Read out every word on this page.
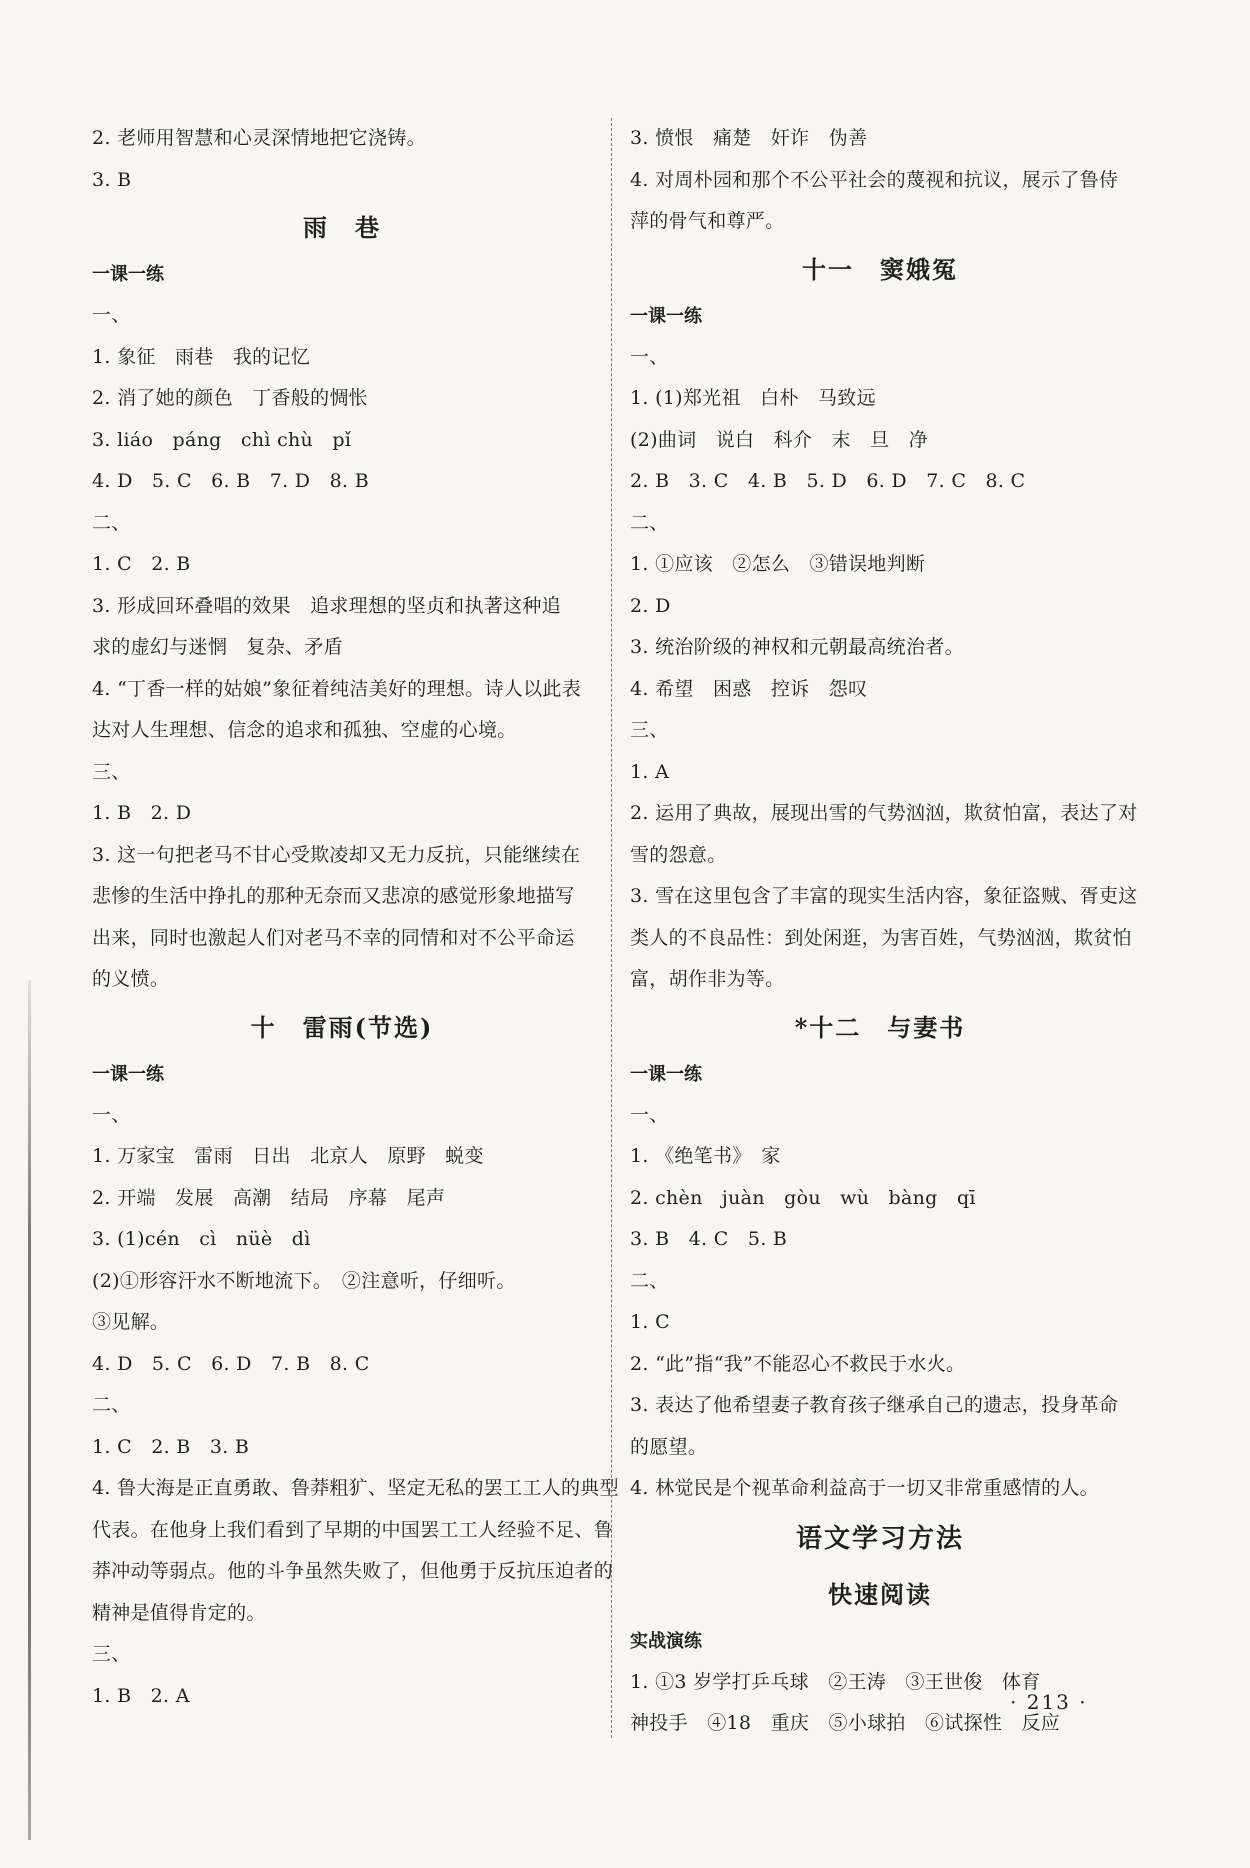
2. 老师用智慧和心灵深情地把它浇铸。
3. B
雨　巷
一课一练
一、
1. 象征　雨巷　我的记忆
2. 消了她的颜色　丁香般的惆怅
3. liáo　páng　chì chù　pǐ
4. D　5. C　6. B　7. D　8. B
二、
1. C　2. B
3. 形成回环叠唱的效果　追求理想的坚贞和执著这种追
求的虚幻与迷惘　复杂、矛盾
4. “丁香一样的姑娘”象征着纯洁美好的理想。诗人以此表
达对人生理想、信念的追求和孤独、空虚的心境。
三、
1. B　2. D
3. 这一句把老马不甘心受欺凌却又无力反抗，只能继续在
悲惨的生活中挣扎的那种无奈而又悲凉的感觉形象地描写
出来，同时也激起人们对老马不幸的同情和对不公平命运
的义愤。
十　雷雨(节选)
一课一练
一、
1. 万家宝　雷雨　日出　北京人　原野　蜕变
2. 开端　发展　高潮　结局　序幕　尾声
3. (1)cén　cì　nüè　dì
(2)①形容汗水不断地流下。　②注意听，仔细听。
③见解。
4. D　5. C　6. D　7. B　8. C
二、
1. C　2. B　3. B
4. 鲁大海是正直勇敢、鲁莽粗犷、坚定无私的罢工工人的典型
代表。在他身上我们看到了早期的中国罢工工人经验不足、鲁
莽冲动等弱点。他的斗争虽然失败了，但他勇于反抗压迫者的
精神是值得肯定的。
三、
1. B　2. A
3. 愤恨　痛楚　奸诈　伪善
4. 对周朴园和那个不公平社会的蔑视和抗议，展示了鲁侍
萍的骨气和尊严。
十一　窦娥冤
一课一练
一、
1. (1)郑光祖　白朴　马致远
(2)曲词　说白　科介　末　旦　净
2. B　3. C　4. B　5. D　6. D　7. C　8. C
二、
1. ①应该　②怎么　③错误地判断
2. D
3. 统治阶级的神权和元朝最高统治者。
4. 希望　困惑　控诉　怨叹
三、
1. A
2. 运用了典故，展现出雪的气势汹汹，欺贫怕富，表达了对
雪的怨意。
3. 雪在这里包含了丰富的现实生活内容，象征盗贼、胥吏这
类人的不良品性：到处闲逛，为害百姓，气势汹汹，欺贫怕
富，胡作非为等。
*十二　与妻书
一课一练
一、
1. 《绝笔书》　家
2. chèn　juàn　gòu　wù　bàng　qī
3. B　4. C　5. B
二、
1. C
2. “此”指“我”不能忍心不救民于水火。
3. 表达了他希望妻子教育孩子继承自己的遗志，投身革命
的愿望。
4. 林觉民是个视革命利益高于一切又非常重感情的人。
语文学习方法
快速阅读
实战演练
1. ①3 岁学打乒乓球　②王涛　③王世俊　体育
神投手　④18　重庆　⑤小球拍　⑥试探性　反应
· 213 ·
